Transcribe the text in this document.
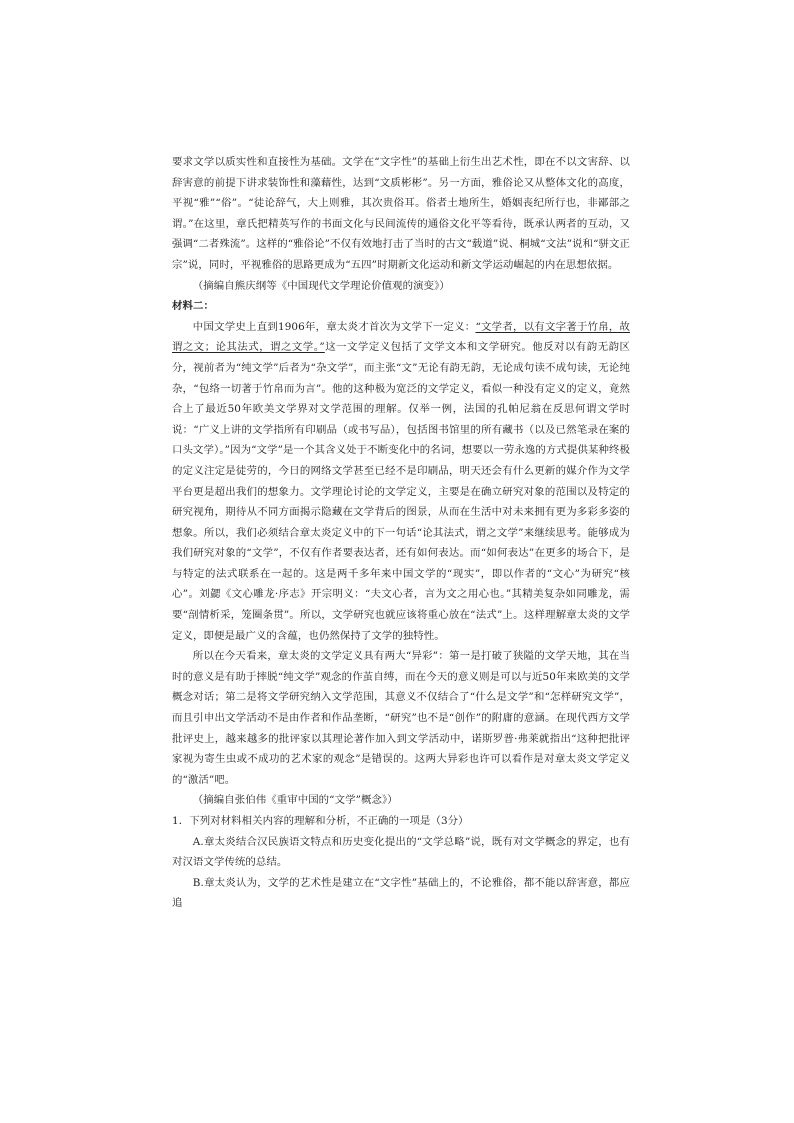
要求文学以质实性和直接性为基础。文学在“文字性”的基础上衍生出艺术性，即在不以文害辞、以辞害意的前提下讲求装饰性和藻藉性，达到“文质彬彬”。另一方面，雅俗论又从整体文化的高度，平视“雅”“俗”。“徒论辞气，大上则雅，其次贵俗耳。俗者土地所生，婚姻丧纪所行也，非鄙部之谓。”在这里，章氏把精英写作的书面文化与民间流传的通俗文化平等看待，既承认两者的互动，又强调“二者殊流”。这样的“雅俗论”不仅有效地打击了当时的古文“载道”说、桐城“文法”说和“骈文正宗”说，同时，平视雅俗的思路更成为“五四”时期新文化运动和新文学运动崛起的内在思想依据。

（摘编自熊庆纲等《中国现代文学理论价值观的演变》）

材料二：

中国文学史上直到1906年，章太炎才首次为文学下一定义：“文学者，以有文字著于竹帛，故谓之文；论其法式，谓之文学。”这一文学定义包括了文学文本和文学研究。他反对以有韵无韵区分，视前者为“纯文学”后者为“杂文学”，而主张“文”无论有韵无韵，无论成句读不成句读，无论纯杂，“包络一切著于竹帛而为言”。他的这种极为宽泛的文学定义，看似一种没有定义的定义，竟然合上了最近50年欧美文学界对文学范围的理解。仅举一例，法国的孔帕尼翁在反思何谓文学时说：“广义上讲的文学指所有印刷品（或书写品），包括图书馆里的所有藏书（以及已然笔录在案的口头文学）。”因为“文学”是一个其含义处于不断变化中的名词，想要以一劳永逸的方式提供某种终极的定义注定是徒劳的，今日的网络文学甚至已经不是印刷品，明天还会有什么更新的媒介作为文学平台更是超出我们的想象力。文学理论讨论的文学定义，主要是在确立研究对象的范围以及特定的研究视角，期待从不同方面揭示隐藏在文学背后的图景，从而在生活中对未来拥有更为多彩多姿的想象。所以，我们必须结合章太炎定义中的下一句话“论其法式，谓之文学”来继续思考。能够成为我们研究对象的“文学”，不仅有作者要表达者，还有如何表达。而“如何表达”在更多的场合下，是与特定的法式联系在一起的。这是两千多年来中国文学的“现实”，即以作者的“文心”为研究“核心”。刘勰《文心雕龙·序志》开宗明义：“夫文心者，言为文之用心也。”其精美复杂如同雕龙，需要“剖情析采，笼圈条贯”。所以，文学研究也就应该将重心放在“法式”上。这样理解章太炎的文学定义，即便是最广义的含蕴，也仍然保持了文学的独特性。

所以在今天看来，章太炎的文学定义具有两大“异彩”：第一是打破了狭隘的文学天地，其在当时的意义是有助于摔脱“纯文学”观念的作茧自缚，而在今天的意义则是可以与近50年来欧美的文学概念对话；第二是将文学研究纳入文学范围，其意义不仅结合了“什么是文学”和“怎样研究文学”，而且引申出文学活动不是由作者和作品垄断，“研究”也不是“创作”的附庸的意涵。在现代西方文学批评史上，越来越多的批评家以其理论著作加入到文学活动中，诺斯罗普·弗莱就指出“这种把批评家视为寄生虫或不成功的艺术家的观念”是错误的。这两大异彩也许可以看作是对章太炎文学定义的“激活”吧。

（摘编自张伯伟《重审中国的“文学”概念》）

1．下列对材料相关内容的理解和分析，不正确的一项是（3分）

A.章太炎结合汉民族语文特点和历史变化提出的“文学总略”说，既有对文学概念的界定，也有对汉语文学传统的总结。

B.章太炎认为，文学的艺术性是建立在“文字性”基础上的，不论雅俗，都不能以辞害意，都应追
